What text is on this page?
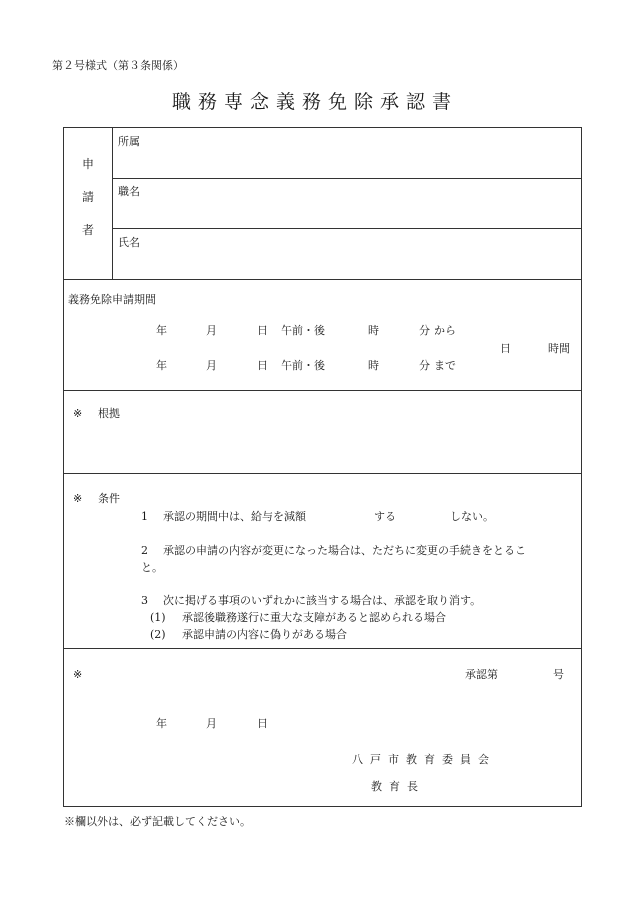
第２号様式（第３条関係）
職務専念義務免除承認書
申
請
者
所属
職名
氏名
義務免除申請期間
年	月	日 午前・後	時	分 から
日	時間
年	月	日 午前・後	時	分 まで
※ 根拠
※ 条件
1 承認の期間中は、給与を減額	する	しない。
2 承認の申請の内容が変更になった場合は、ただちに変更の手続きをとるこ
と。
3 次に掲げる事項のいずれかに該当する場合は、承認を取り消す。
(1) 承認後職務遂行に重大な支障があると認められる場合
(2) 承認申請の内容に偽りがある場合
※	承認第	号
年	月	日
八戸市教育委員会
教育長
※欄以外は、必ず記載してください。
